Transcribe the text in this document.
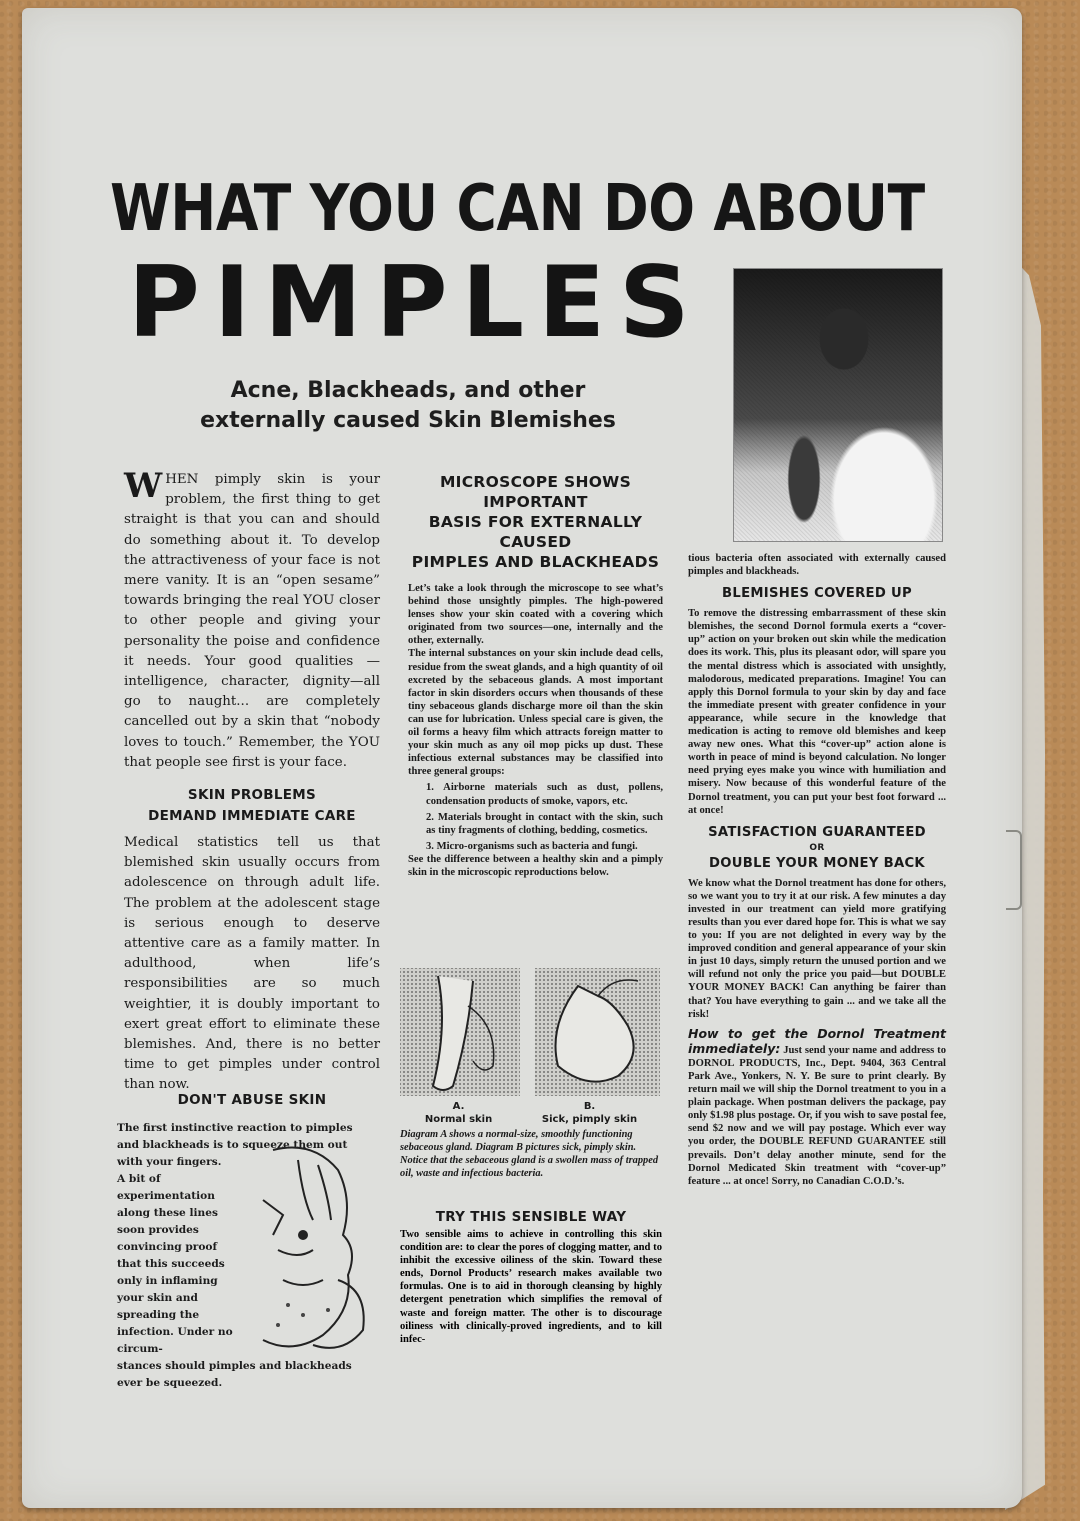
WHAT YOU CAN DO ABOUT
PIMPLES
Acne, Blackheads, and other
externally caused Skin Blemishes

WHEN pimply skin is your problem, the first thing to get straight is that you can and should do something about it. To develop the attractiveness of your face is not mere vanity. It is an “open sesame” towards bringing the real YOU closer to other people and giving your personality the poise and confidence it needs. Your good qualities —intelligence, character, dignity—all go to naught... are completely cancelled out by a skin that “nobody loves to touch.” Remember, the YOU that people see first is your face.

SKIN PROBLEMS
DEMAND IMMEDIATE CARE

Medical statistics tell us that blemished skin usually occurs from adolescence on through adult life. The problem at the adolescent stage is serious enough to deserve attentive care as a family matter. In adulthood, when life’s responsibilities are so much weightier, it is doubly important to exert great effort to eliminate these blemishes. And, there is no better time to get pimples under control than now.

DON'T ABUSE SKIN
The first instinctive reaction to pimples and blackheads is to squeeze them out with your fingers.
A bit of experimentation along these lines soon provides convincing proof that this succeeds only in inflaming your skin and spreading the infection. Under no circum-
stances should pimples and blackheads ever be squeezed.
MICROSCOPE SHOWS IMPORTANT
BASIS FOR EXTERNALLY CAUSED
PIMPLES AND BLACKHEADS

Let’s take a look through the microscope to see what’s behind those unsightly pimples. The high-powered lenses show your skin coated with a covering which originated from two sources—one, internally and the other, externally.

The internal substances on your skin include dead cells, residue from the sweat glands, and a high quantity of oil excreted by the sebaceous glands. A most important factor in skin disorders occurs when thousands of these tiny sebaceous glands discharge more oil than the skin can use for lubrication. Unless special care is given, the oil forms a heavy film which attracts foreign matter to your skin much as any oil mop picks up dust. These infectious external substances may be classified into three general groups:

1. Airborne materials such as dust, pollens, condensation products of smoke, vapors, etc.

2. Materials brought in contact with the skin, such as tiny fragments of clothing, bedding, cosmetics.

3. Micro-organisms such as bacteria and fungi.

See the difference between a healthy skin and a pimply skin in the microscopic reproductions below.

A.
Normal skin
B.
Sick, pimply skin
Diagram A shows a normal-size, smoothly functioning sebaceous gland. Diagram B pictures sick, pimply skin. Notice that the sebaceous gland is a swollen mass of trapped oil, waste and infectious bacteria.
TRY THIS SENSIBLE WAY

Two sensible aims to achieve in controlling this skin condition are: to clear the pores of clogging matter, and to inhibit the excessive oiliness of the skin. Toward these ends, Dornol Products’ research makes available two formulas. One is to aid in thorough cleansing by highly detergent penetration which simplifies the removal of waste and foreign matter. The other is to discourage oiliness with clinically-proved ingredients, and to kill infec-

tious bacteria often associated with externally caused pimples and blackheads.

BLEMISHES COVERED UP

To remove the distressing embarrassment of these skin blemishes, the second Dornol formula exerts a “cover-up” action on your broken out skin while the medication does its work. This, plus its pleasant odor, will spare you the mental distress which is associated with unsightly, malodorous, medicated preparations. Imagine! You can apply this Dornol formula to your skin by day and face the immediate present with greater confidence in your appearance, while secure in the knowledge that medication is acting to remove old blemishes and keep away new ones. What this “cover-up” action alone is worth in peace of mind is beyond calculation. No longer need prying eyes make you wince with humiliation and misery. Now because of this wonderful feature of the Dornol treatment, you can put your best foot forward ... at once!

SATISFACTION GUARANTEED
OR
DOUBLE YOUR MONEY BACK

We know what the Dornol treatment has done for others, so we want you to try it at our risk. A few minutes a day invested in our treatment can yield more gratifying results than you ever dared hope for. This is what we say to you: If you are not delighted in every way by the improved condition and general appearance of your skin in just 10 days, simply return the unused portion and we will refund not only the price you paid—but DOUBLE YOUR MONEY BACK! Can anything be fairer than that? You have everything to gain ... and we take all the risk!

How to get the Dornol Treatment immediately: Just send your name and address to DORNOL PRODUCTS, Inc., Dept. 9404, 363 Central Park Ave., Yonkers, N. Y. Be sure to print clearly. By return mail we will ship the Dornol treatment to you in a plain package. When postman delivers the package, pay only $1.98 plus postage. Or, if you wish to save postal fee, send $2 now and we will pay postage. Which ever way you order, the DOUBLE REFUND GUARANTEE still prevails. Don’t delay another minute, send for the Dornol Medicated Skin treatment with “cover-up” feature ... at once! Sorry, no Canadian C.O.D.’s.
